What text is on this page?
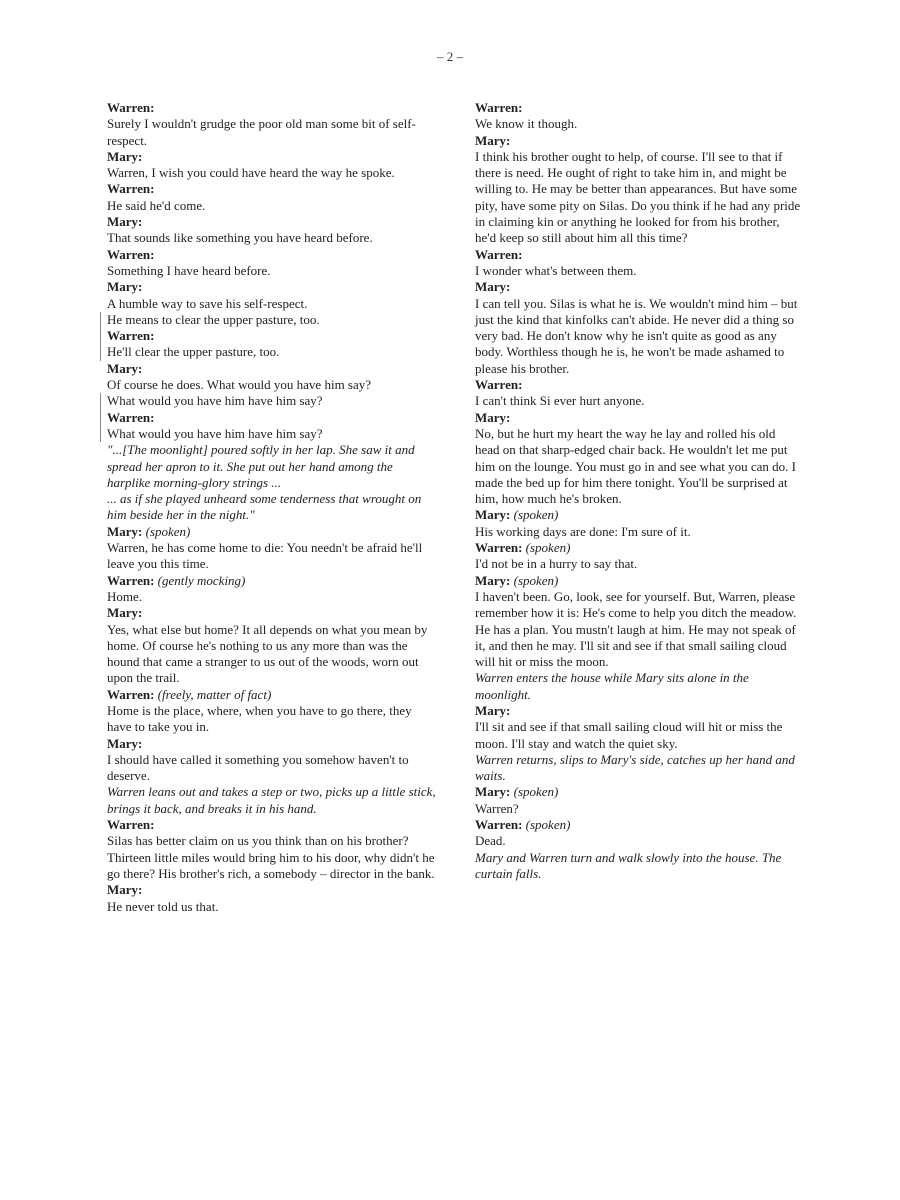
– 2 –
Warren:
Surely I wouldn't grudge the poor old man some bit of self-respect.
Mary:
Warren, I wish you could have heard the way he spoke.
Warren:
He said he'd come.
Mary:
That sounds like something you have heard before.
Warren:
Something I have heard before.
Mary:
A humble way to save his self-respect.
He means to clear the upper pasture, too.
Warren:
He'll clear the upper pasture, too.
Mary:
Of course he does. What would you have him say?
What would you have him have him say?
Warren:
What would you have him have him say?
"...[The moonlight] poured softly in her lap. She saw it and spread her apron to it. She put out her hand among the harplike morning-glory strings ...
... as if she played unheard some tenderness that wrought on him beside her in the night."
Mary: (spoken)
Warren, he has come home to die: You needn't be afraid he'll leave you this time.
Warren: (gently mocking)
Home.
Mary:
Yes, what else but home? It all depends on what you mean by home. Of course he's nothing to us any more than was the hound that came a stranger to us out of the woods, worn out upon the trail.
Warren: (freely, matter of fact)
Home is the place, where, when you have to go there, they have to take you in.
Mary:
I should have called it something you somehow haven't to deserve.
Warren leans out and takes a step or two, picks up a little stick, brings it back, and breaks it in his hand.
Warren:
Silas has better claim on us you think than on his brother? Thirteen little miles would bring him to his door, why didn't he go there? His brother's rich, a somebody – director in the bank.
Mary:
He never told us that.
Warren:
We know it though.
Mary:
I think his brother ought to help, of course. I'll see to that if there is need. He ought of right to take him in, and might be willing to. He may be better than appearances. But have some pity, have some pity on Silas. Do you think if he had any pride in claiming kin or anything he looked for from his brother, he'd keep so still about him all this time?
Warren:
I wonder what's between them.
Mary:
I can tell you. Silas is what he is. We wouldn't mind him – but just the kind that kinfolks can't abide. He never did a thing so very bad. He don't know why he isn't quite as good as any body. Worthless though he is, he won't be made ashamed to please his brother.
Warren:
I can't think Si ever hurt anyone.
Mary:
No, but he hurt my heart the way he lay and rolled his old head on that sharp-edged chair back. He wouldn't let me put him on the lounge. You must go in and see what you can do. I made the bed up for him there tonight. You'll be surprised at him, how much he's broken.
Mary: (spoken)
His working days are done: I'm sure of it.
Warren: (spoken)
I'd not be in a hurry to say that.
Mary: (spoken)
I haven't been. Go, look, see for yourself. But, Warren, please remember how it is: He's come to help you ditch the meadow. He has a plan. You mustn't laugh at him. He may not speak of it, and then he may. I'll sit and see if that small sailing cloud will hit or miss the moon.
Warren enters the house while Mary sits alone in the moonlight.
Mary:
I'll sit and see if that small sailing cloud will hit or miss the moon. I'll stay and watch the quiet sky.
Warren returns, slips to Mary's side, catches up her hand and waits.
Mary: (spoken)
Warren?
Warren: (spoken)
Dead.
Mary and Warren turn and walk slowly into the house. The curtain falls.
